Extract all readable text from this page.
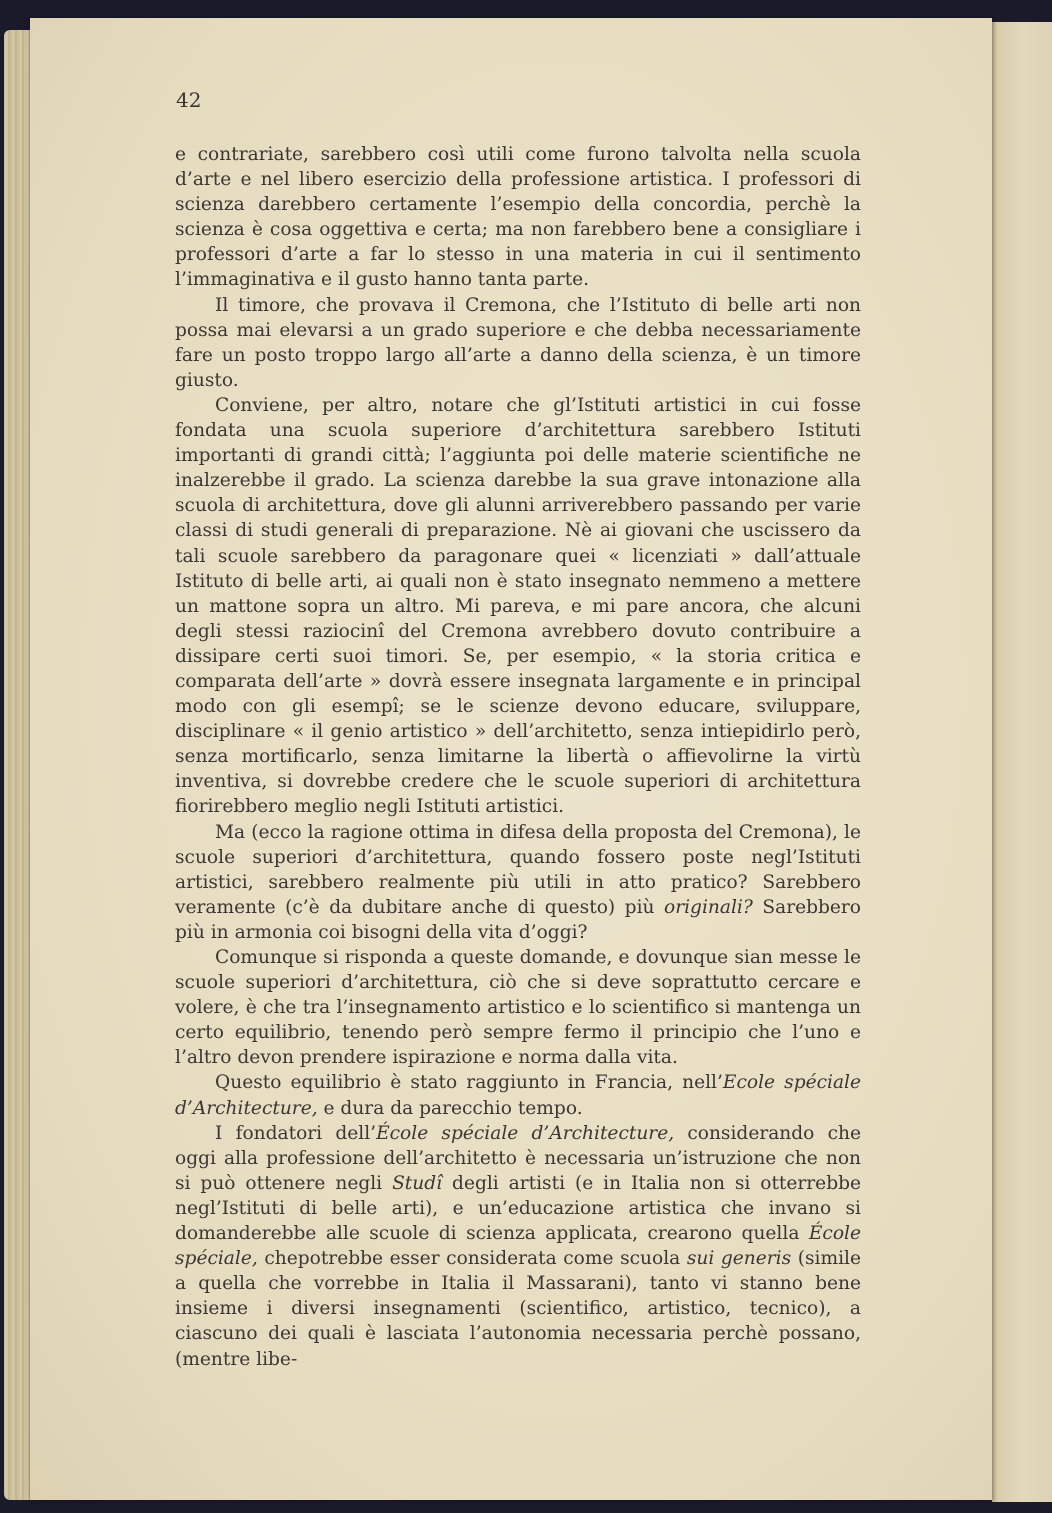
42

e contrariate, sarebbero così utili come furono talvolta nella scuola d’arte e nel libero esercizio della professione artistica. I professori di scienza darebbero certamente l’esempio della concordia, perchè la scienza è cosa oggettiva e certa; ma non farebbero bene a consigliare i professori d’arte a far lo stesso in una materia in cui il sentimento l’immaginativa e il gusto hanno tanta parte.

Il timore, che provava il Cremona, che l’Istituto di belle arti non possa mai elevarsi a un grado superiore e che debba necessariamente fare un posto troppo largo all’arte a danno della scienza, è un timore giusto.

Conviene, per altro, notare che gl’Istituti artistici in cui fosse fondata una scuola superiore d’architettura sarebbero Istituti importanti di grandi città; l’aggiunta poi delle materie scientifiche ne inalzerebbe il grado. La scienza darebbe la sua grave intonazione alla scuola di architettura, dove gli alunni arriverebbero passando per varie classi di studi generali di preparazione. Nè ai giovani che uscissero da tali scuole sarebbero da paragonare quei « licenziati » dall’attuale Istituto di belle arti, ai quali non è stato insegnato nemmeno a mettere un mattone sopra un altro. Mi pareva, e mi pare ancora, che alcuni degli stessi raziocinî del Cremona avrebbero dovuto contribuire a dissipare certi suoi timori. Se, per esempio, « la storia critica e comparata dell’arte » dovrà essere insegnata largamente e in principal modo con gli esempî; se le scienze devono educare, sviluppare, disciplinare « il genio artistico » dell’architetto, senza intiepidirlo però, senza mortificarlo, senza limitarne la libertà o affievolirne la virtù inventiva, si dovrebbe credere che le scuole superiori di architettura fiorirebbero meglio negli Istituti artistici.

Ma (ecco la ragione ottima in difesa della proposta del Cremona), le scuole superiori d’architettura, quando fossero poste negl’Istituti artistici, sarebbero realmente più utili in atto pratico? Sarebbero veramente (c’è da dubitare anche di questo) più originali? Sarebbero più in armonia coi bisogni della vita d’oggi?

Comunque si risponda a queste domande, e dovunque sian messe le scuole superiori d’architettura, ciò che si deve soprattutto cercare e volere, è che tra l’insegnamento artistico e lo scientifico si mantenga un certo equilibrio, tenendo però sempre fermo il principio che l’uno e l’altro devon prendere ispirazione e norma dalla vita.

Questo equilibrio è stato raggiunto in Francia, nell’Ecole spéciale d’Architecture, e dura da parecchio tempo.

I fondatori dell’École spéciale d’Architecture, considerando che oggi alla professione dell’architetto è necessaria un’istruzione che non si può ottenere negli Studî degli artisti (e in Italia non si otterrebbe negl’Istituti di belle arti), e un’educazione artistica che invano si domanderebbe alle scuole di scienza applicata, crearono quella École spéciale, chepotrebbe esser considerata come scuola sui generis (simile a quella che vorrebbe in Italia il Massarani), tanto vi stanno bene insieme i diversi insegnamenti (scientifico, artistico, tecnico), a ciascuno dei quali è lasciata l’autonomia necessaria perchè possano, (mentre libe-
